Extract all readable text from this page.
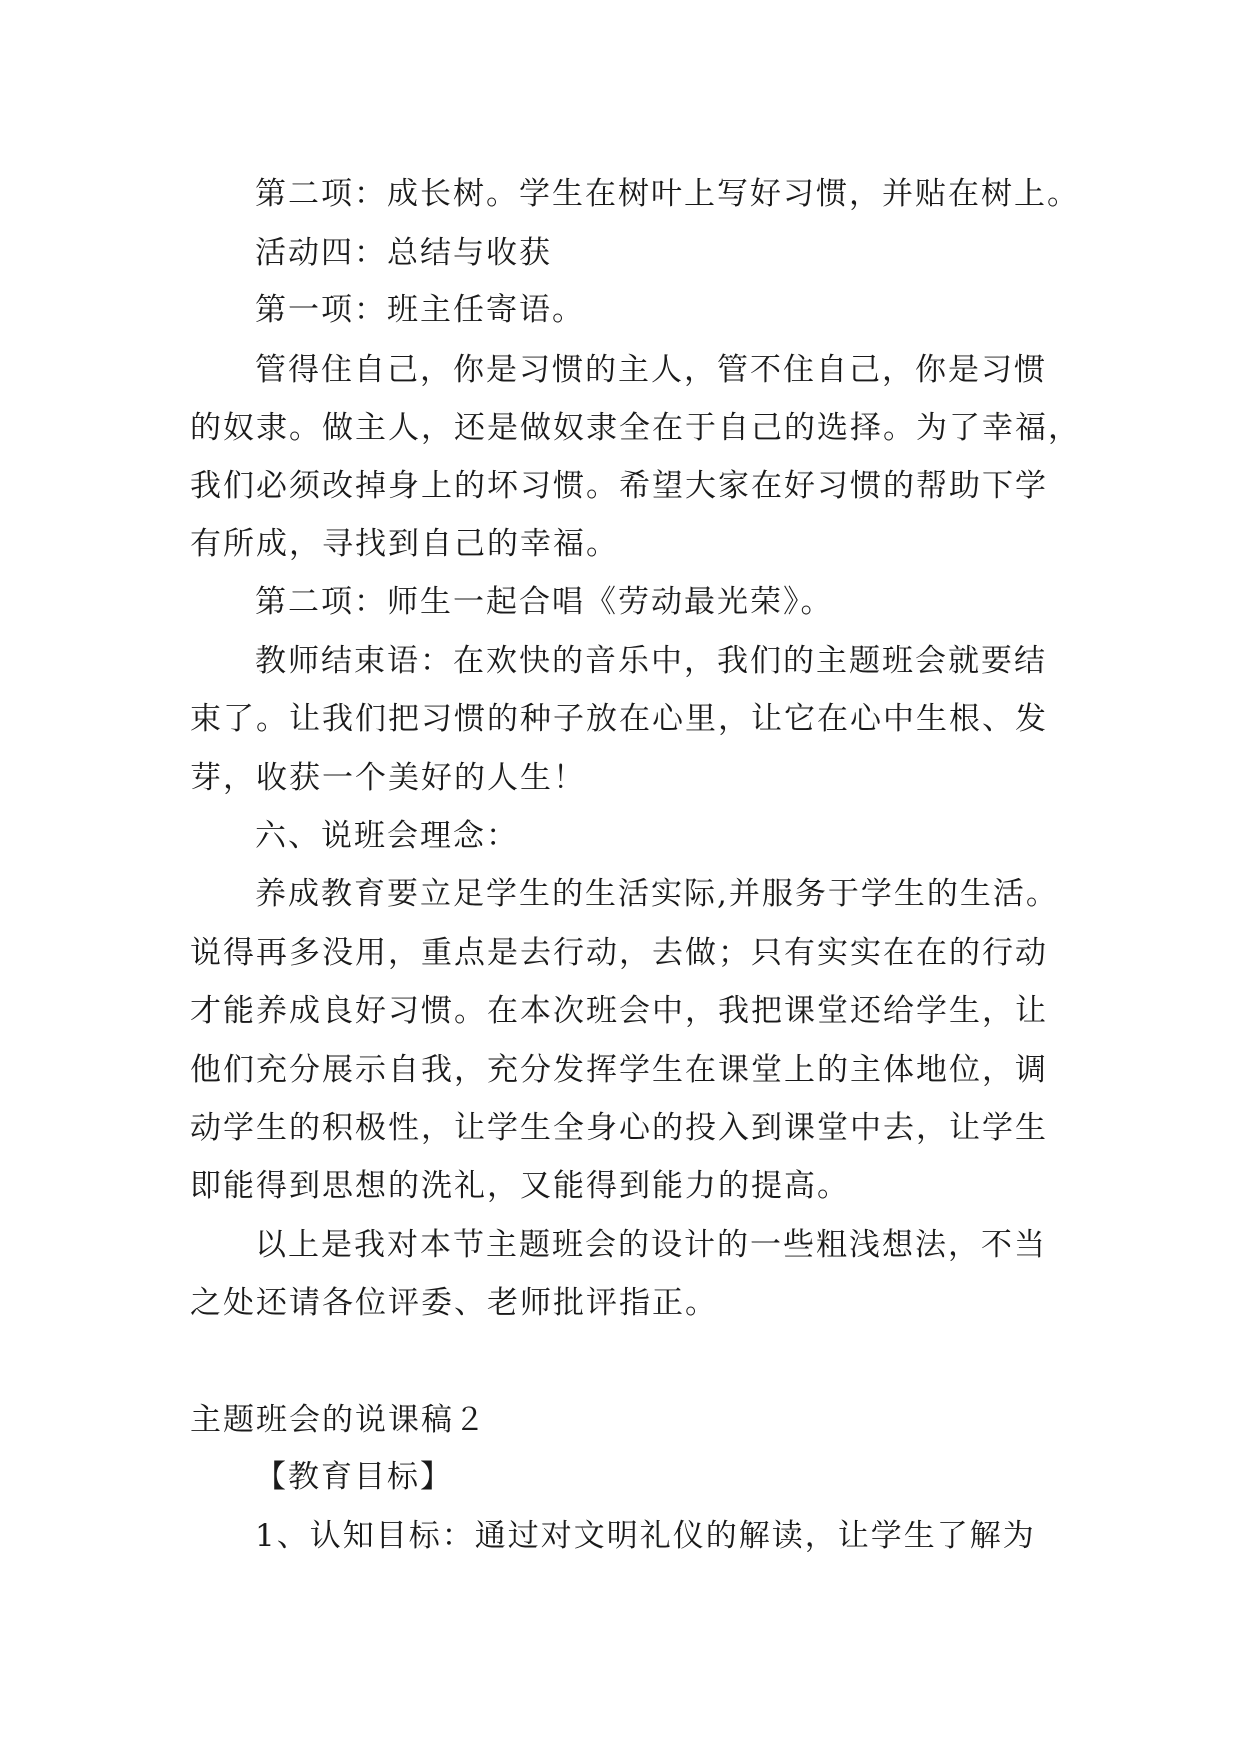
第二项：成长树。学生在树叶上写好习惯，并贴在树上。
活动四：总结与收获
第一项：班主任寄语。
管得住自己，你是习惯的主人，管不住自己，你是习惯
的奴隶。做主人，还是做奴隶全在于自己的选择。为了幸福，
我们必须改掉身上的坏习惯。希望大家在好习惯的帮助下学
有所成，寻找到自己的幸福。
第二项：师生一起合唱《劳动最光荣》。
教师结束语：在欢快的音乐中，我们的主题班会就要结
束了。让我们把习惯的种子放在心里，让它在心中生根、发
芽，收获一个美好的人生！
六、说班会理念：
养成教育要立足学生的生活实际,并服务于学生的生活。
说得再多没用，重点是去行动，去做；只有实实在在的行动
才能养成良好习惯。在本次班会中，我把课堂还给学生，让
他们充分展示自我，充分发挥学生在课堂上的主体地位，调
动学生的积极性，让学生全身心的投入到课堂中去，让学生
即能得到思想的洗礼，又能得到能力的提高。
以上是我对本节主题班会的设计的一些粗浅想法，不当
之处还请各位评委、老师批评指正。
主题班会的说课稿２
【教育目标】
1、认知目标：通过对文明礼仪的解读，让学生了解为
